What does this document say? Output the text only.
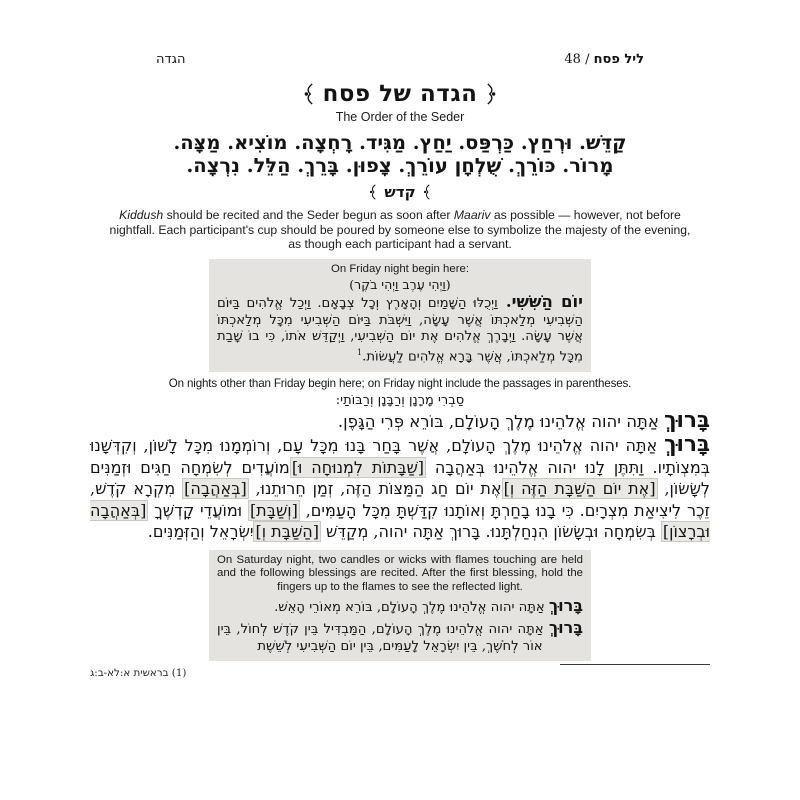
הגדה	48 / ליל פסח
הגדה של פסח
The Order of the Seder
קַדֵּשׁ. וּרְחַץ. כַּרְפַּס. יַחַץ. מַגִּיד. רָחְצָה. מוֹצִיא. מַצָּה.
מָרוֹר. כּוֹרֵךְ. שֻׁלְחָן עוֹרֵךְ. צָפוּן. בָּרֵךְ. הַלֵּל. נִרְצָה.
קדש
Kiddush should be recited and the Seder begun as soon after Maariv as possible — however, not before nightfall. Each participant's cup should be poured by someone else to symbolize the majesty of the evening, as though each participant had a servant.
On Friday night begin here:
(וַיְהִי עֶרֶב וַיְהִי בֹקֶר)
יוֹם הַשִּׁשִּׁי. וַיְכֻלּוּ הַשָּׁמַיִם וְהָאָרֶץ וְכָל צְבָאָם. וַיְכַל אֱלֹהִים בַּיּוֹם הַשְּׁבִיעִי מְלַאכְתּוֹ אֲשֶׁר עָשָׂה, וַיִּשְׁבֹּת בַּיּוֹם הַשְּׁבִיעִי מִכָּל מְלַאכְתּוֹ אֲשֶׁר עָשָׂה. וַיְבָרֶךְ אֱלֹהִים אֶת יוֹם הַשְּׁבִיעִי, וַיְקַדֵּשׁ אֹתוֹ, כִּי בוֹ שָׁבַת מִכָּל מְלַאכְתּוֹ, אֲשֶׁר בָּרָא אֱלֹהִים לַעֲשׂוֹת.$^1$
On nights other than Friday begin here; on Friday night include the passages in parentheses.
סַבְרִי מָרָנָן וְרַבָּנָן וְרַבּוֹתַי:
בָּרוּךְ אַתָּה יהוה אֱלֹהֵינוּ מֶלֶךְ הָעוֹלָם, בּוֹרֵא פְּרִי הַגָּפֶן.
בָּרוּךְ אַתָּה יהוה אֱלֹהֵינוּ מֶלֶךְ הָעוֹלָם, אֲשֶׁר בָּחַר בָּנוּ מִכָּל עָם, וְרוֹמְמָנוּ מִכָּל לָשׁוֹן, וְקִדְּשָׁנוּ בְּמִצְוֹתָיו. וַתִּתֶּן לָנוּ יהוה אֱלֹהֵינוּ בְּאַהֲבָה [שַׁבָּתוֹת לִמְנוּחָה וּ]מוֹעֲדִים לְשִׂמְחָה חַגִּים וּזְמַנִּים לְשָׂשׂוֹן, [אֶת יוֹם הַשַּׁבָּת הַזֶּה וְ]אֶת יוֹם חַג הַמַּצּוֹת הַזֶּה, זְמַן חֵרוּתֵנוּ, [בְּאַהֲבָה] מִקְרָא קֹדֶשׁ, זֵכֶר לִיצִיאַת מִצְרָיִם. כִּי בָנוּ בָחַרְתָּ וְאוֹתָנוּ קִדַּשְׁתָּ מִכָּל הָעַמִּים, [וְשַׁבָּת] וּמוֹעֲדֵי קָדְשֶׁךָ [בְּאַהֲבָה וּבְרָצוֹן] בְּשִׂמְחָה וּבְשָׂשׂוֹן הִנְחַלְתָּנוּ. בָּרוּךְ אַתָּה יהוה, מְקַדֵּשׁ [הַשַּׁבָּת וְ]יִשְׂרָאֵל וְהַזְּמַנִּים.
On Saturday night, two candles or wicks with flames touching are held and the following blessings are recited. After the first blessing, hold the fingers up to the flames to see the reflected light.
בָּרוּךְ אַתָּה יהוה אֱלֹהֵינוּ מֶלֶךְ הָעוֹלָם, בּוֹרֵא מְאוֹרֵי הָאֵשׁ.
בָּרוּךְ אַתָּה יהוה אֱלֹהֵינוּ מֶלֶךְ הָעוֹלָם, הַמַּבְדִּיל בֵּין קֹדֶשׁ לְחוֹל, בֵּין אוֹר לְחֹשֶׁךְ, בֵּין יִשְׂרָאֵל לָעַמִּים, בֵּין יוֹם הַשְּׁבִיעִי לְשֵׁשֶׁת
(1) בראשית א:לא-ב:ג
